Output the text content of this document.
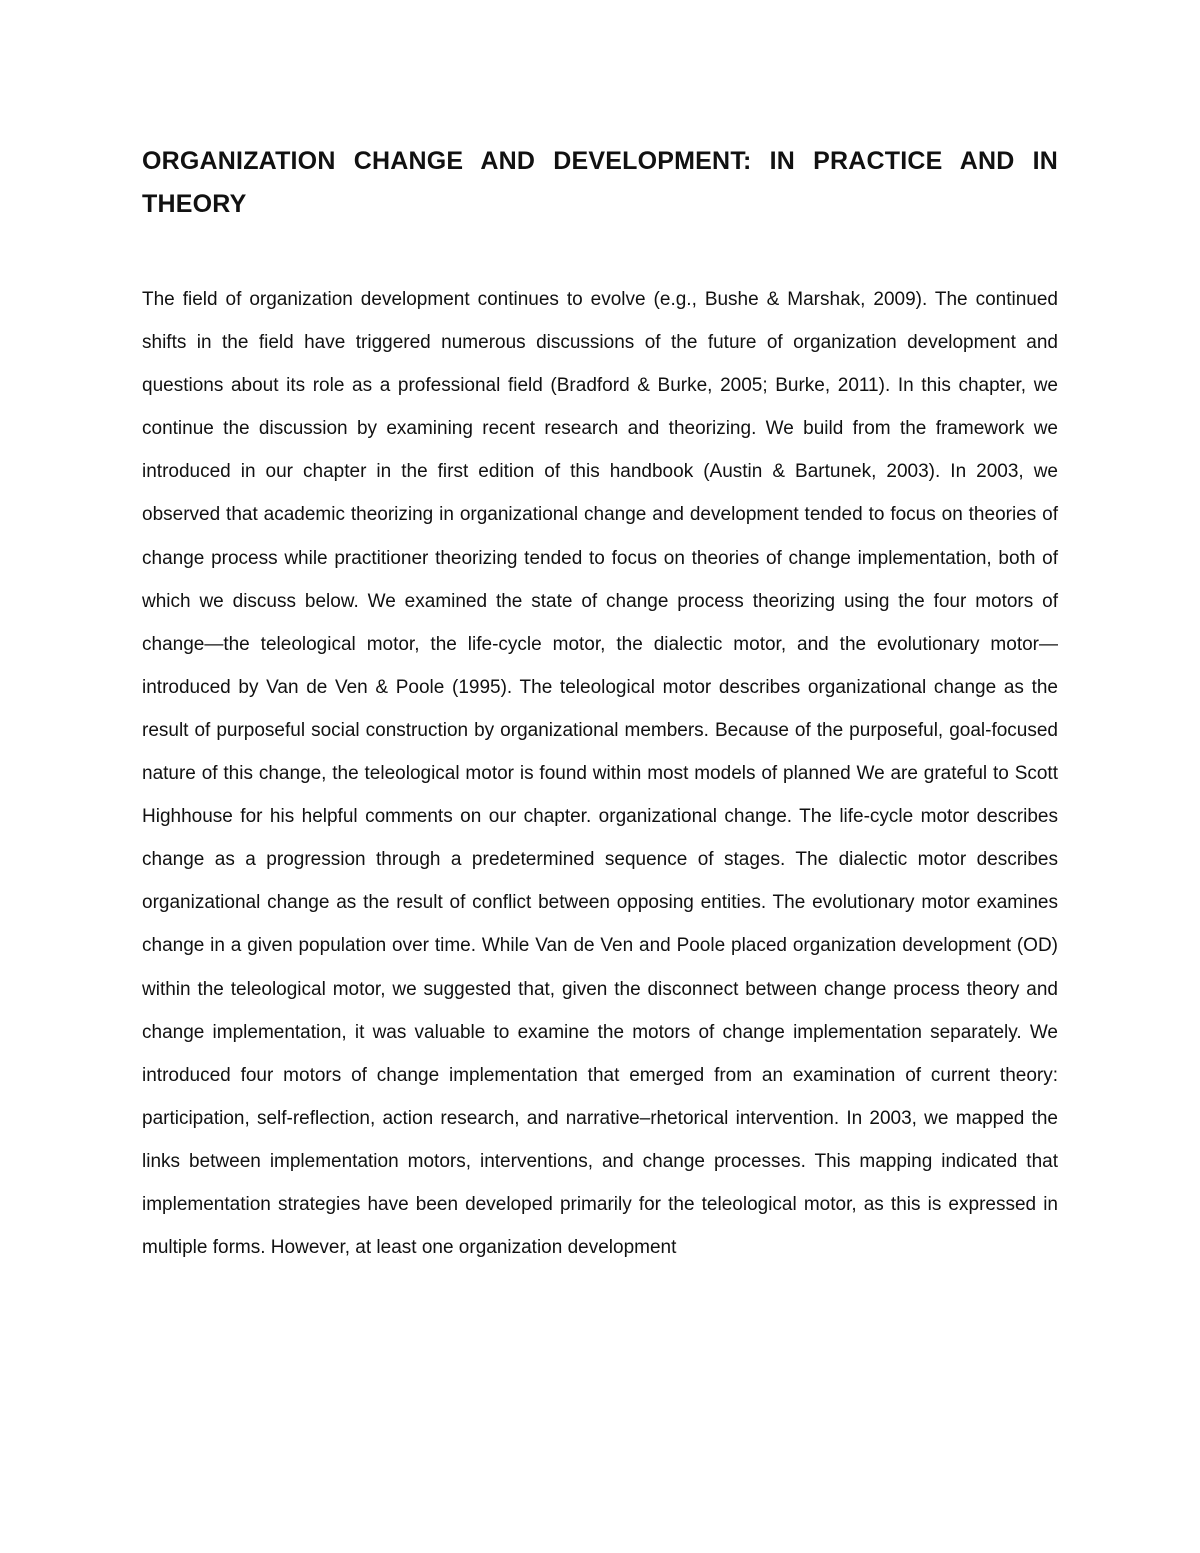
ORGANIZATION CHANGE AND DEVELOPMENT: IN PRACTICE AND IN THEORY

The field of organization development continues to evolve (e.g., Bushe & Marshak, 2009). The continued shifts in the field have triggered numerous discussions of the future of organization development and questions about its role as a professional field (Bradford & Burke, 2005; Burke, 2011). In this chapter, we continue the discussion by examining recent research and theorizing. We build from the framework we introduced in our chapter in the first edition of this handbook (Austin & Bartunek, 2003). In 2003, we observed that academic theorizing in organizational change and development tended to focus on theories of change process while practitioner theorizing tended to focus on theories of change implementation, both of which we discuss below. We examined the state of change process theorizing using the four motors of change—the teleological motor, the life-cycle motor, the dialectic motor, and the evolutionary motor—introduced by Van de Ven & Poole (1995). The teleological motor describes organizational change as the result of purposeful social construction by organizational members. Because of the purposeful, goal-focused nature of this change, the teleological motor is found within most models of planned We are grateful to Scott Highhouse for his helpful comments on our chapter. organizational change. The life-cycle motor describes change as a progression through a predetermined sequence of stages. The dialectic motor describes organizational change as the result of conflict between opposing entities. The evolutionary motor examines change in a given population over time. While Van de Ven and Poole placed organization development (OD) within the teleological motor, we suggested that, given the disconnect between change process theory and change implementation, it was valuable to examine the motors of change implementation separately. We introduced four motors of change implementation that emerged from an examination of current theory: participation, self-reflection, action research, and narrative–rhetorical intervention. In 2003, we mapped the links between implementation motors, interventions, and change processes. This mapping indicated that implementation strategies have been developed primarily for the teleological motor, as this is expressed in multiple forms. However, at least one organization development
